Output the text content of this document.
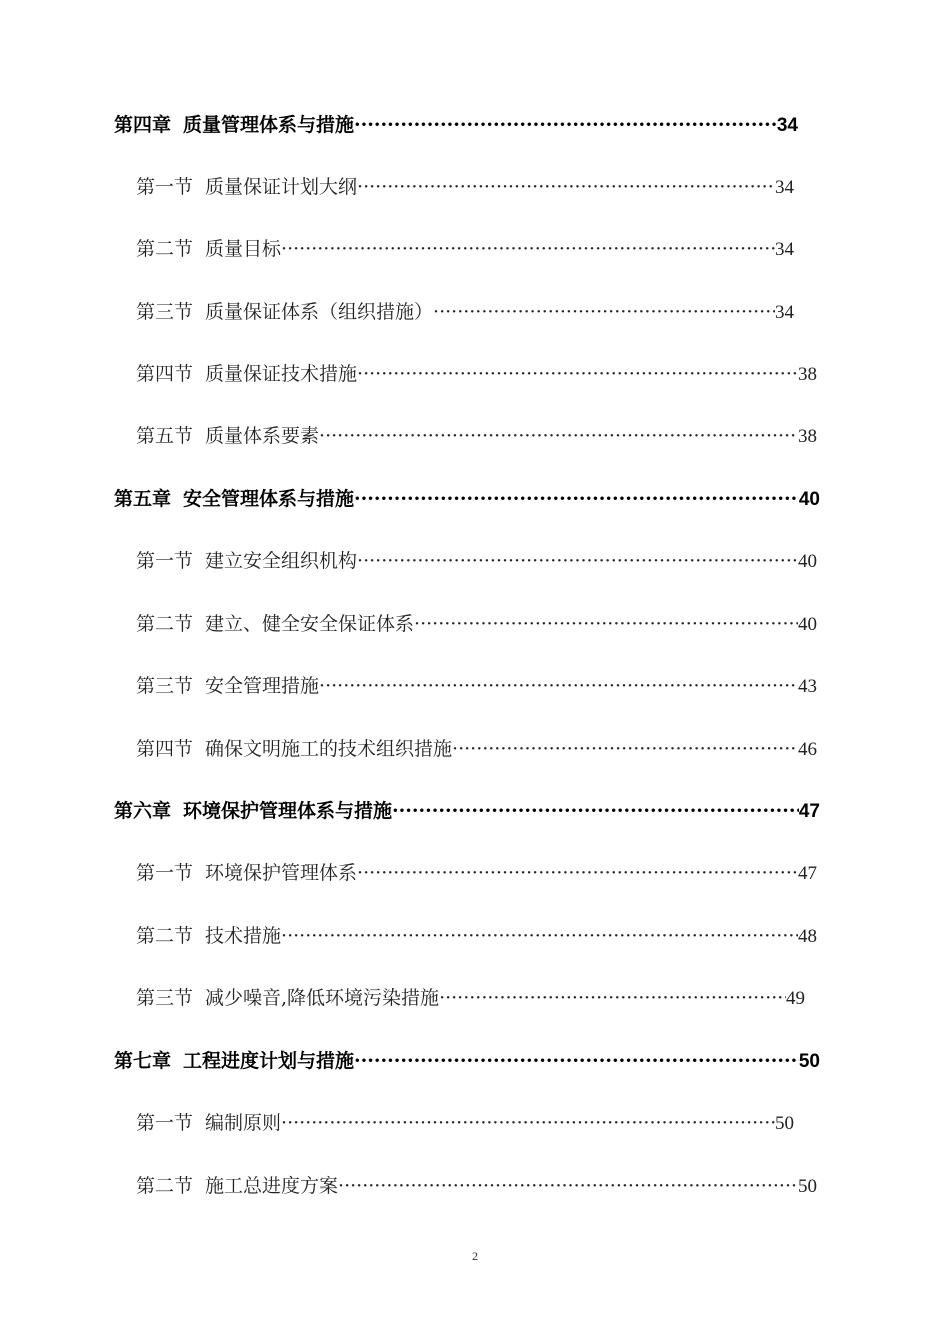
第四章 质量管理体系与措施 ·····	34
第一节 质量保证计划大纲 ·····	34
第二节 质量目标 ·····	34
第三节 质量保证体系（组织措施） ·····	34
第四节 质量保证技术措施 ·····	38
第五节 质量体系要素 ·····	38
第五章 安全管理体系与措施 ·····	40
第一节 建立安全组织机构 ·····	40
第二节 建立、健全安全保证体系 ·····	40
第三节 安全管理措施 ·····	43
第四节 确保文明施工的技术组织措施 ·····	46
第六章 环境保护管理体系与措施 ·····	47
第一节 环境保护管理体系 ·····	47
第二节 技术措施 ·····	48
第三节 减少噪音,降低环境污染措施 ·····	49
第七章 工程进度计划与措施 ·····	50
第一节 编制原则 ·····	50
第二节 施工总进度方案 ·····	50
2
